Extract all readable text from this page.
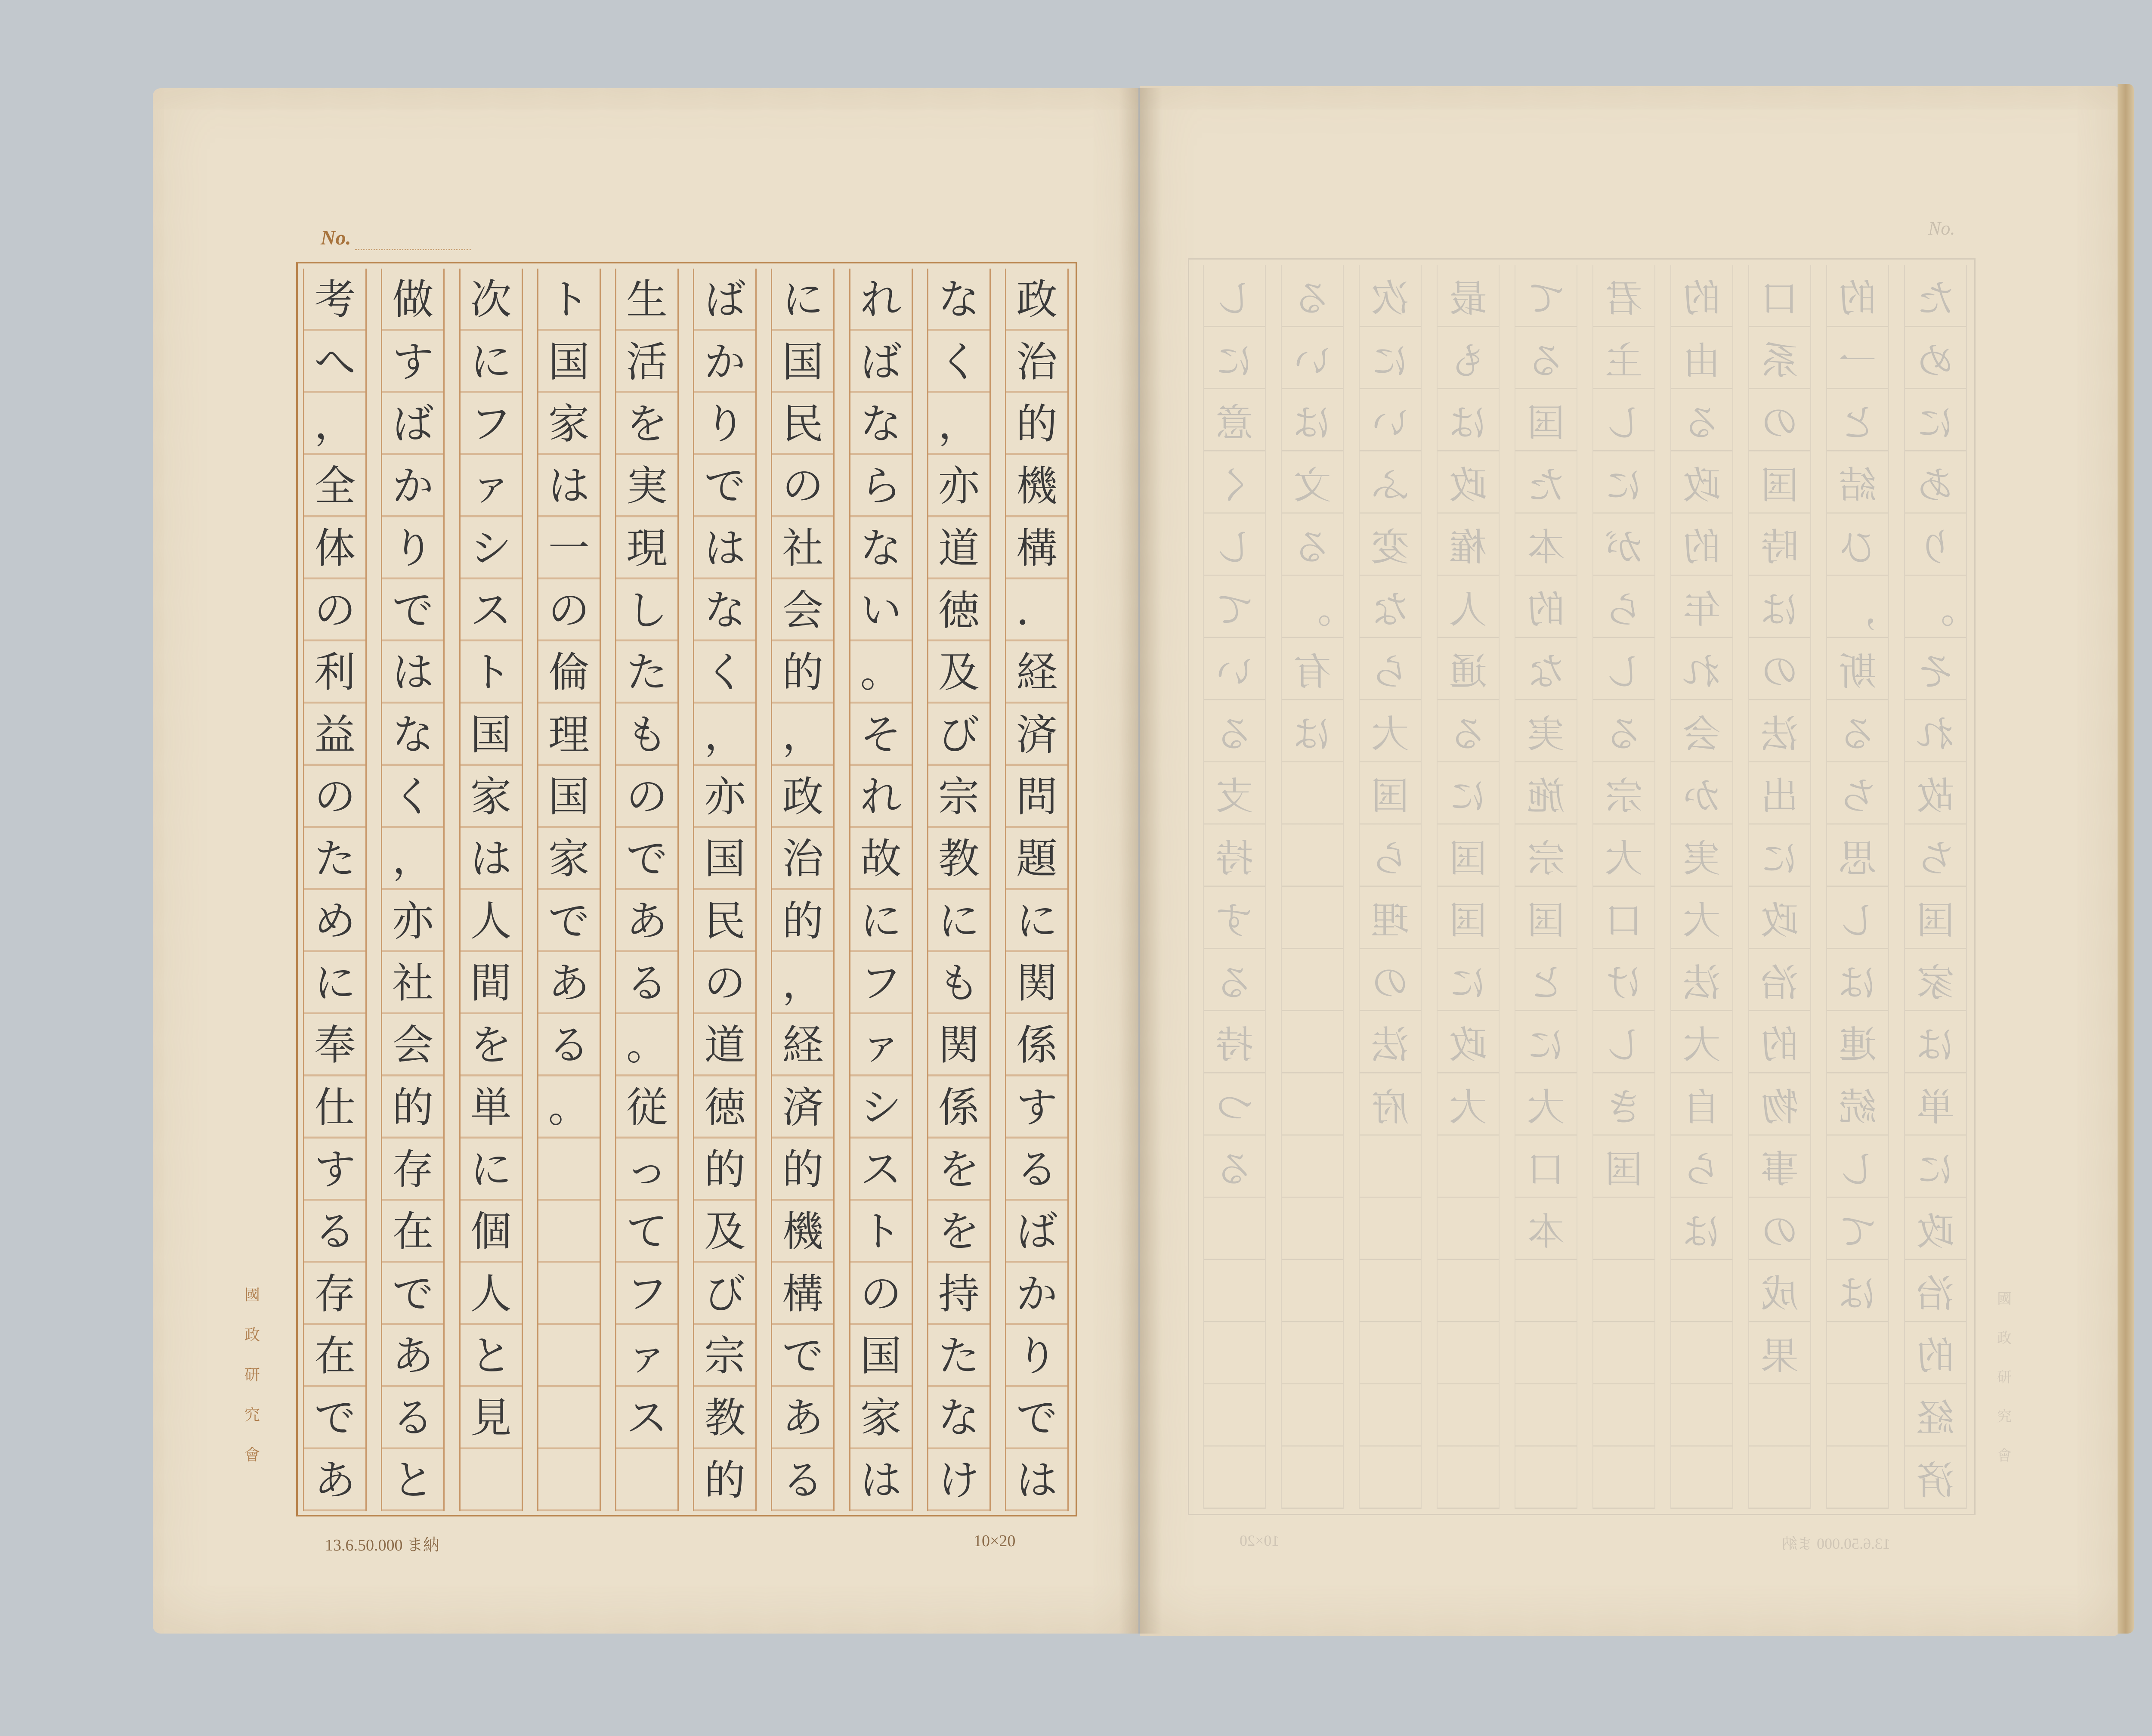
No.
政
治
的
機
構
．
経
済
問
題
に
関
係
す
る
ば
か
り
で
は
な
く
，
亦
道
徳
及
び
宗
教
に
も
関
係
を
を
持
た
な
け
れ
ば
な
ら
な
い
。
そ
れ
故
に
フ
ァ
シ
ス
ト
の
国
家
は
に
国
民
の
社
会
的
，
政
治
的
，
経
済
的
機
構
で
あ
る
ば
か
り
で
は
な
く
，
亦
国
民
の
道
徳
的
及
び
宗
教
的
生
活
を
実
現
し
た
も
の
で
あ
る
。
従
っ
て
フ
ァ
ス
ト
国
家
は
一
の
倫
理
国
家
で
あ
る
。
次
に
フ
ァ
シ
ス
ト
国
家
は
人
間
を
単
に
個
人
と
見
做
す
ば
か
り
で
は
な
く
，
亦
社
会
的
存
在
で
あ
る
と
考
へ
，
全
体
の
利
益
の
た
め
に
奉
仕
す
る
存
在
で
あ
國
政
研
究
會
13.6.50.000 ま納	10×20
No.
た
め
に
あ
り
。
そ
れ
故
ち
国
家
は
単
に
政
治
的
経
済
的
一
と
結
ひ
，
斯
る
ち
思
し
は
連
続
し
て
は
口
系
の
国
時
は
の
法
出
に
政
治
的
物
事
の
成
果
的
由
る
政
的
年
れ
会
か
実
大
法
大
自
ら
は
君
主
し
に
が
ら
し
る
宗
大
口
け
し
き
国
て
る
国
た
本
的
な
実
施
宗
国
と
に
大
口
本
最
も
は
政
権
人
通
る
に
国
国
に
政
大
次
に
い
ふ
変
な
ら
大
国
ら
理
の
法
府
る
い
は
文
る
。
有
は
し
に
意
く
し
て
い
る
支
持
す
る
持
つ
る
國
政
研
究
會
10×20	13.6.50.000 ま納
